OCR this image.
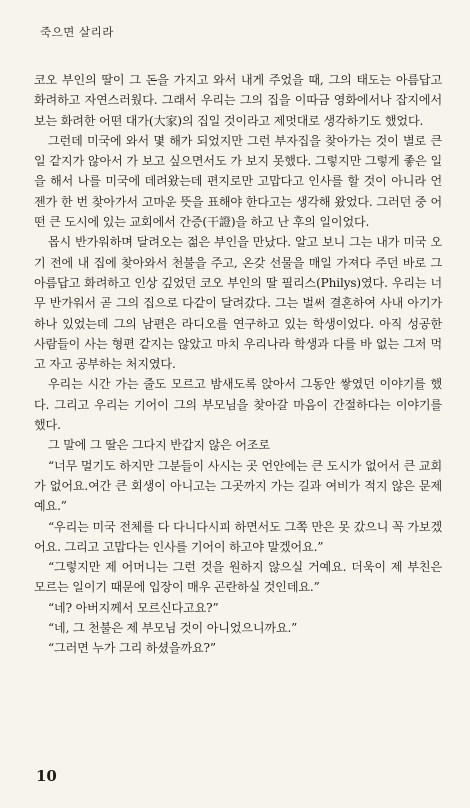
죽으면 살리라

코오 부인의 딸이 그 돈을 가지고 와서 내게 주었을 때, 그의 태도는 아름답고 화려하고 자연스러웠다. 그래서 우리는 그의 집을 이따금 영화에서나 잡지에서 보는 화려한 어떤 대가(大家)의 집일 것이라고 제멋대로 생각하기도 했었다.

그런데 미국에 와서 몇 해가 되었지만 그런 부자집을 찾아가는 것이 별로 큰 일 같지가 않아서 가 보고 싶으면서도 가 보지 못했다. 그렇지만 그렇게 좋은 일을 해서 나를 미국에 데려왔는데 편지로만 고맙다고 인사를 할 것이 아니라 언젠가 한 번 찾아가서 고마운 뜻을 표해야 한다고는 생각해 왔었다. 그러던 중 어떤 큰 도시에 있는 교회에서 간증(干證)을 하고 난 후의 일이었다.

몹시 반가워하며 달려오는 젊은 부인을 만났다. 알고 보니 그는 내가 미국 오기 전에 내 집에 찾아와서 천불을 주고, 온갖 선물을 매일 가져다 주던 바로 그 아름답고 화려하고 인상 깊었던 코오 부인의 딸 필리스(Philys)였다. 우리는 너무 반가워서 곧 그의 집으로 다같이 달려갔다. 그는 벌써 결혼하여 사내 아기가 하나 있었는데 그의 남편은 라디오를 연구하고 있는 학생이었다. 아직 성공한 사람들이 사는 형편 같지는 않았고 마치 우리나라 학생과 다를 바 없는 그저 먹고 자고 공부하는 처지였다.

우리는 시간 가는 줄도 모르고 밤새도록 앉아서 그동안 쌓였던 이야기를 했다. 그리고 우리는 기어이 그의 부모님을 찾아갈 마음이 간절하다는 이야기를 했다.

그 말에 그 딸은 그다지 반갑지 않은 어조로

“너무 멀기도 하지만 그분들이 사시는 곳 언안에는 큰 도시가 없어서 큰 교회가 없어요.여간 큰 회생이 아니고는 그곳까지 가는 길과 여비가 적지 않은 문제예요.”

“우리는 미국 전체를 다 다니다시피 하면서도 그쪽 만은 못 갔으니 꼭 가보겠어요. 그리고 고맙다는 인사를 기어이 하고야 말겠어요.”

“그렇지만 제 어머니는 그런 것을 원하지 않으실 거예요. 더욱이 제 부친은 모르는 일이기 때문에 입장이 매우 곤란하실 것인데요.”

“네? 아버지께서 모르신다고요?”

“네, 그 천불은 제 부모님 것이 아니었으니까요.”

“그러면 누가 그리 하셨을까요?”

10
